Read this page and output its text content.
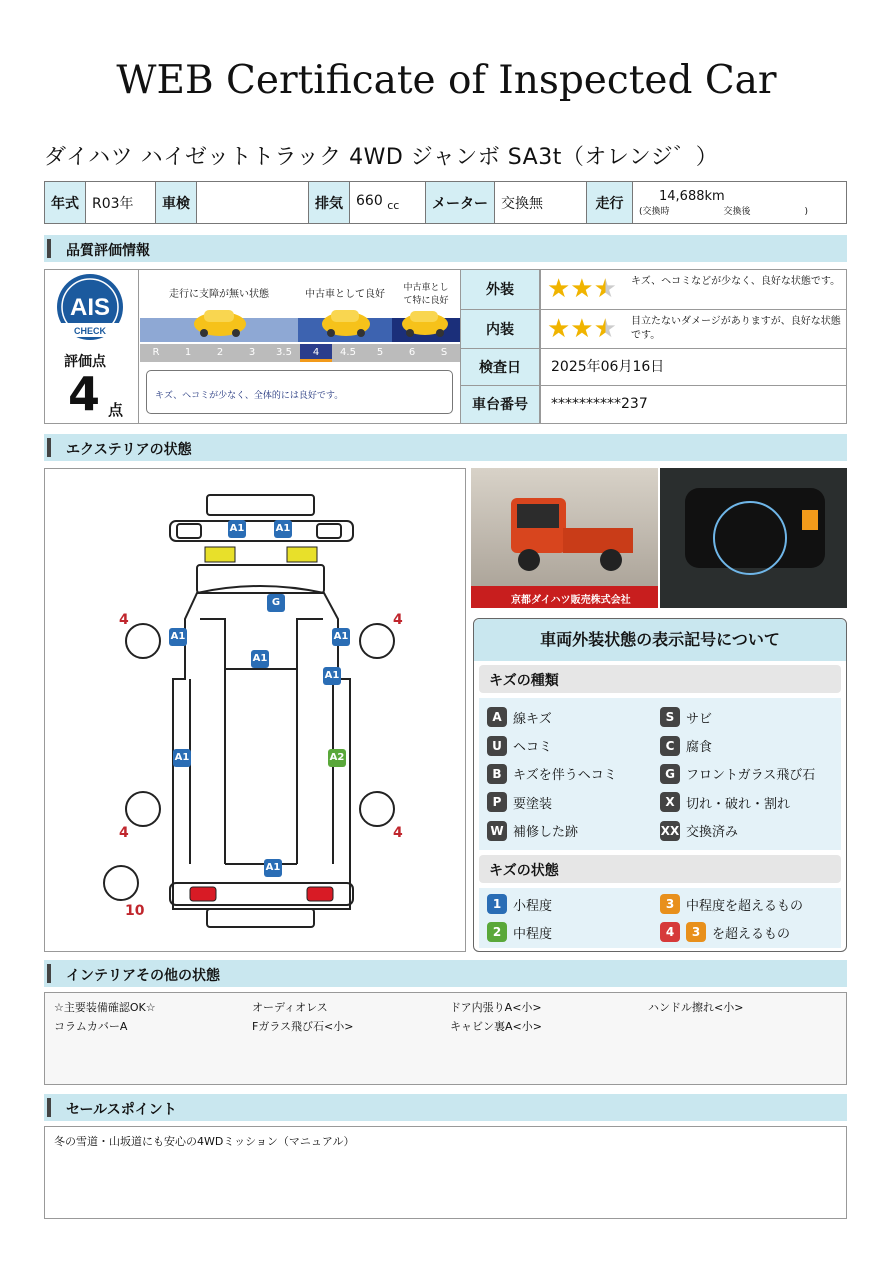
WEB Certificate of Inspected Car
ダイハツ ハイゼットトラック 4WD ジャンボ SA3t（オレンジ゛）
年式	R03年	車検		排気	660 $_{cc}$	メーター	交換無	走行	14,688km
(交換時　　　　　　交換後　　　　　　)
品質評価情報
AIS
CHECK
評価点
4 点
走行に支障が無い状態	中古車として良好
中古車として特に良好
R	1	2	3	3.5	4	4.5	5	6	S
キズ、ヘコミが少なく、全体的には良好です。
外装	★★★ キズ、ヘコミなどが少なく、良好な状態です。
内装	★★★ 目立たないダメージがありますが、良好な状態です。
検査日	2025年06月16日
車台番号	**********237
エクステリアの状態
4	4
4	4
10
A1	A1
G
A1	A1
A1
A1
A1	A2
A1
京都ダイハツ販売株式会社
車両外装状態の表示記号について
キズの種類
A 線キズ	S サビ
U ヘコミ	C 腐食
B キズを伴うヘコミ	G フロントガラス飛び石
P 要塗装	X 切れ・破れ・割れ
W 補修した跡	XX 交換済み
キズの状態
1 小程度	3 中程度を超えるもの
2 中程度	4	3 を超えるもの
インテリアその他の状態
☆主要装備確認OK☆	オーディオレス	ドア内張りA<小>	ハンドル擦れ<小>
コラムカバーA	Fガラス飛び石<小>	キャビン裏A<小>
セールスポイント
冬の雪道・山坂道にも安心の4WDミッション（マニュアル）
